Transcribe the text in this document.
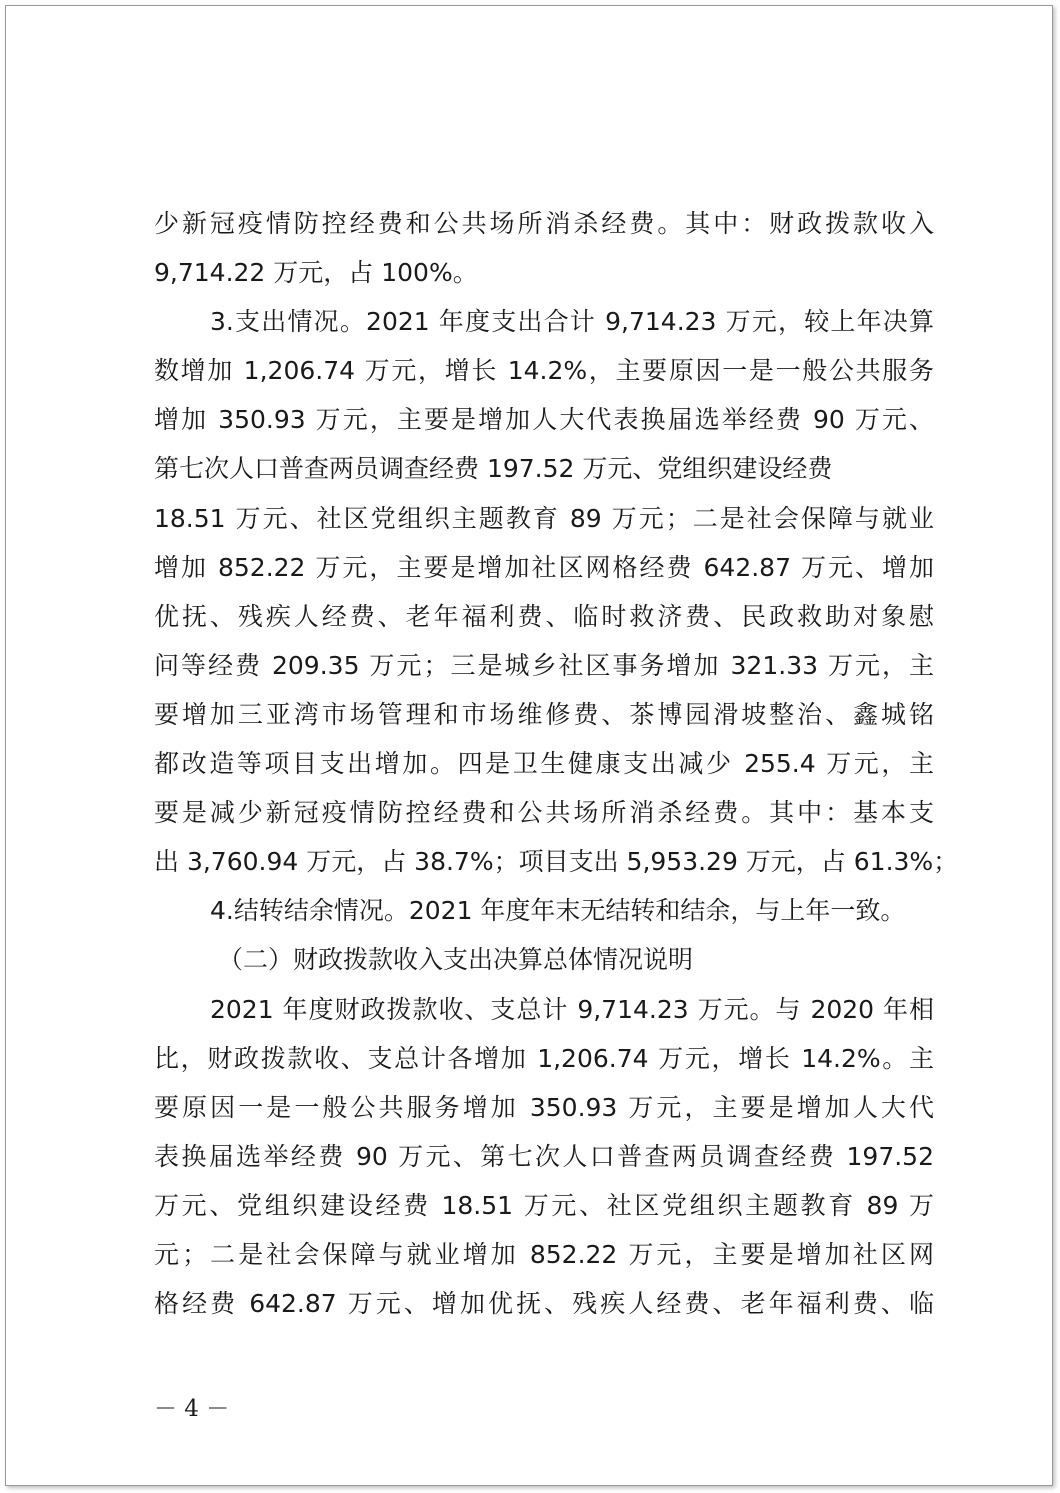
少新冠疫情防控经费和公共场所消杀经费。其中：财政拨款收入
9,714.22 万元，占 100%。
3.支出情况。2021 年度支出合计 9,714.23 万元，较上年决算
数增加 1,206.74 万元，增长 14.2%，主要原因一是一般公共服务
增加 350.93 万元，主要是增加人大代表换届选举经费 90 万元、
第七次人口普查两员调查经费 197.52 万元、党组织建设经费
18.51 万元、社区党组织主题教育 89 万元；二是社会保障与就业
增加 852.22 万元，主要是增加社区网格经费 642.87 万元、增加
优抚、残疾人经费、老年福利费、临时救济费、民政救助对象慰
问等经费 209.35 万元；三是城乡社区事务增加 321.33 万元，主
要增加三亚湾市场管理和市场维修费、茶博园滑坡整治、鑫城铭
都改造等项目支出增加。四是卫生健康支出减少 255.4 万元，主
要是减少新冠疫情防控经费和公共场所消杀经费。其中：基本支
出 3,760.94 万元，占 38.7%；项目支出 5,953.29 万元，占 61.3%；
4.结转结余情况。2021 年度年末无结转和结余，与上年一致。
（二）财政拨款收入支出决算总体情况说明
2021 年度财政拨款收、支总计 9,714.23 万元。与 2020 年相
比，财政拨款收、支总计各增加 1,206.74 万元，增长 14.2%。主
要原因一是一般公共服务增加 350.93 万元，主要是增加人大代
表换届选举经费 90 万元、第七次人口普查两员调查经费 197.52
万元、党组织建设经费 18.51 万元、社区党组织主题教育 89 万
元；二是社会保障与就业增加 852.22 万元，主要是增加社区网
格经费 642.87 万元、增加优抚、残疾人经费、老年福利费、临
－ 4 －
